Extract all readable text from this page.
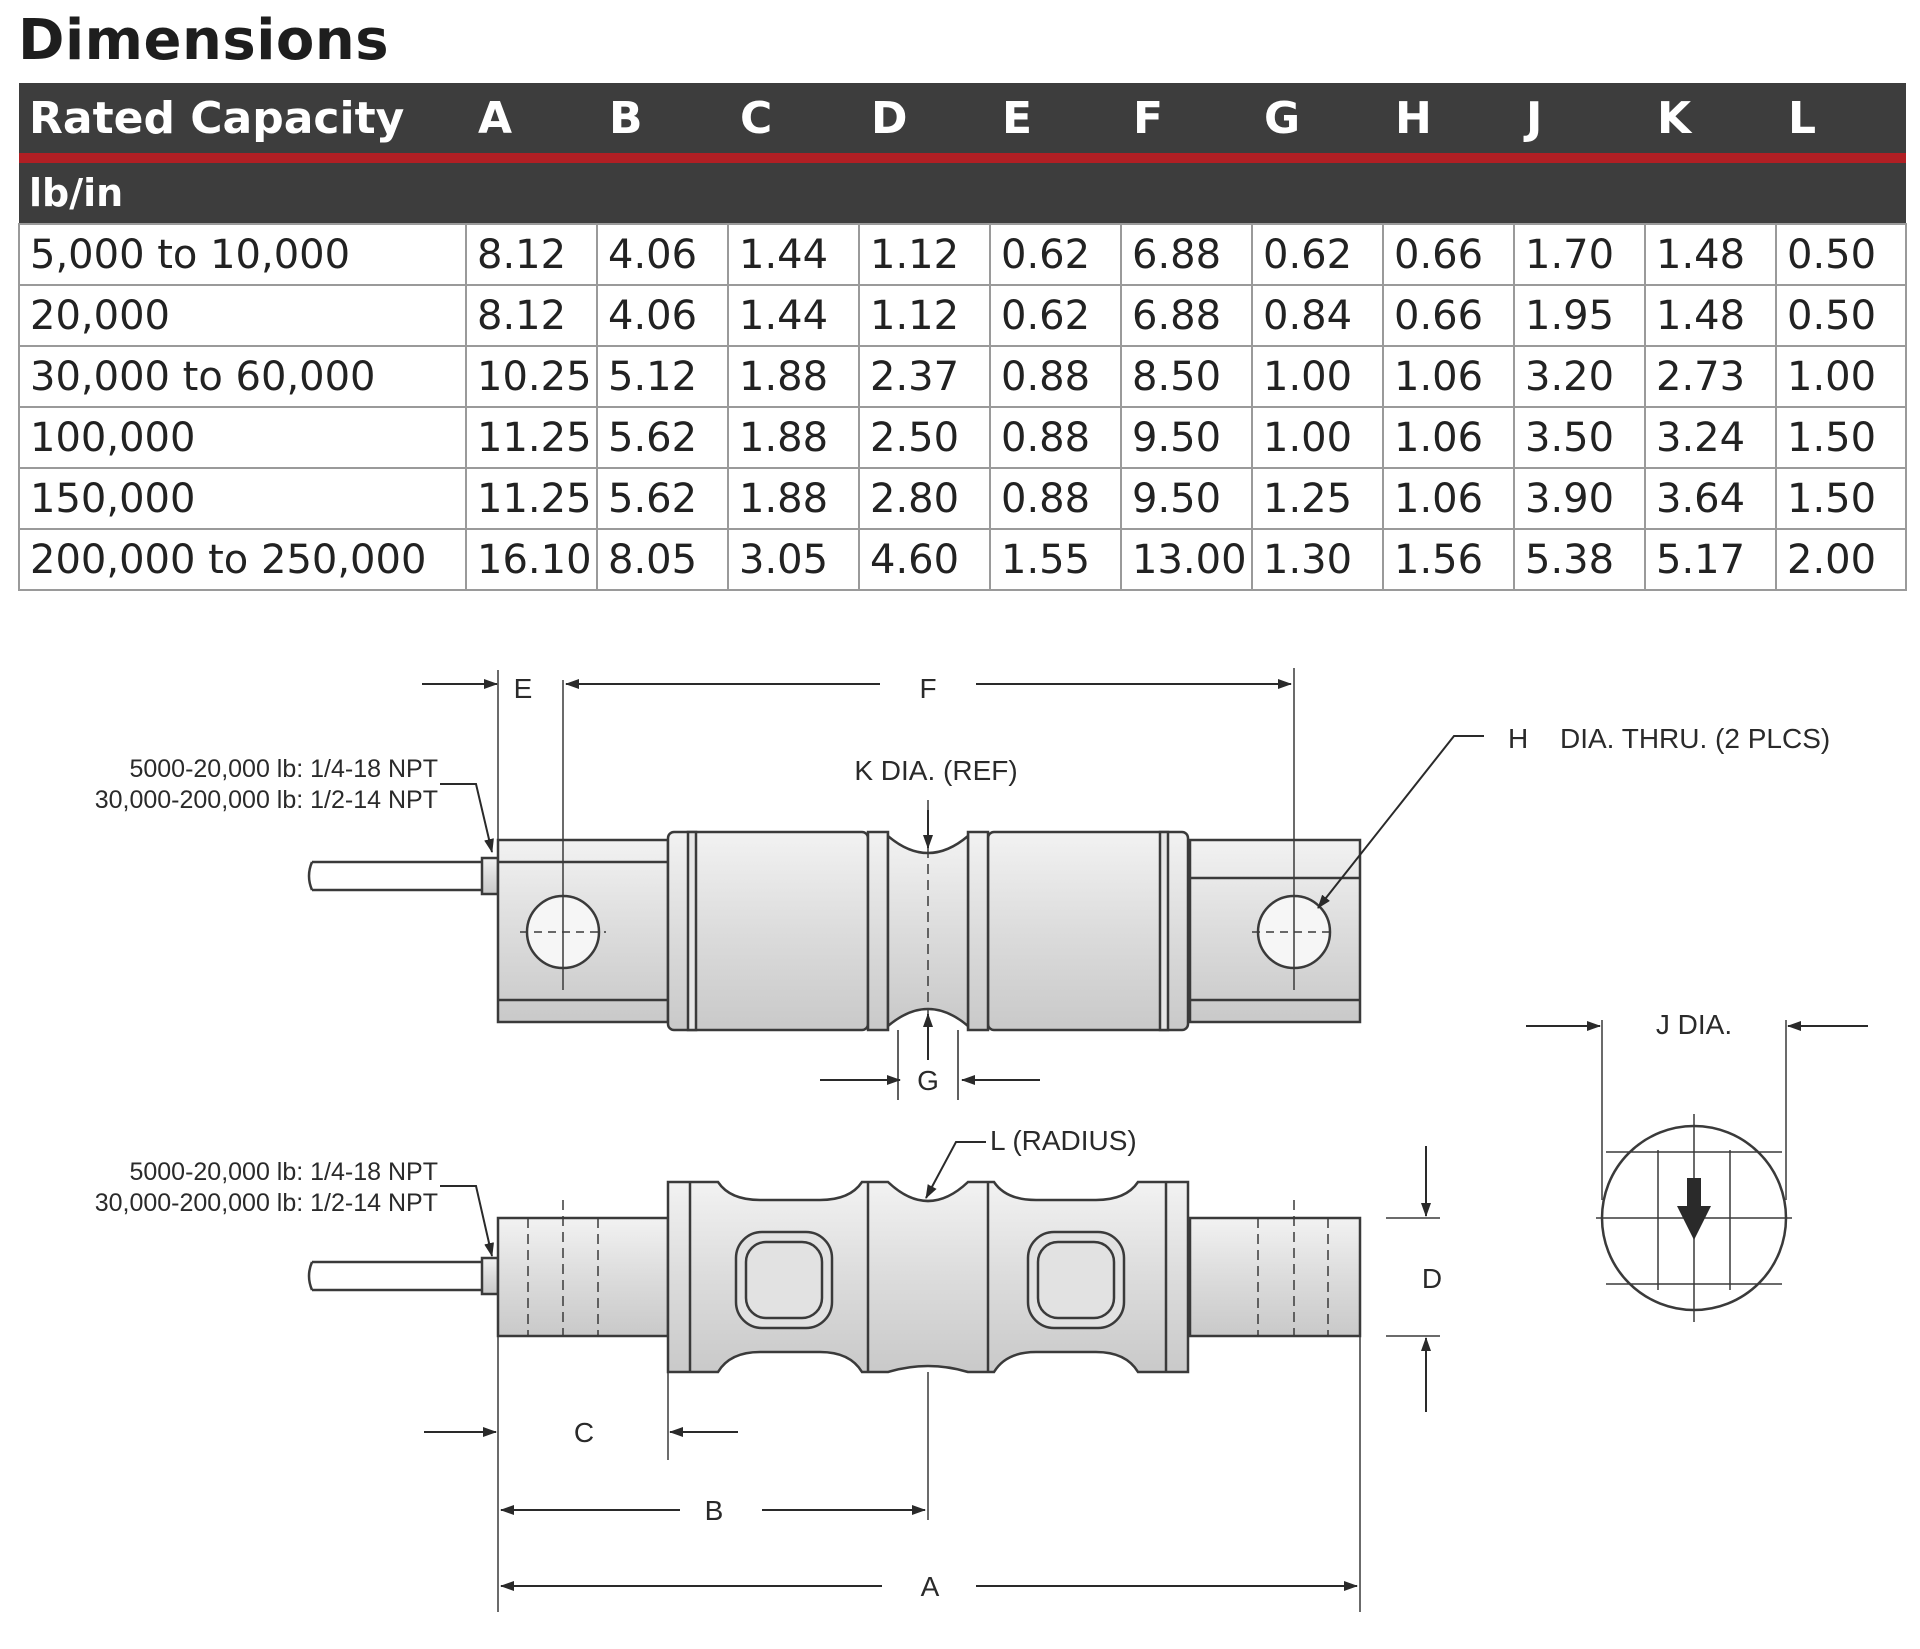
Dimensions
Rated Capacity	A	B	C	D	E	F	G	H	J	K	L
lb/in											
5,000 to 10,000	8.12	4.06	1.44	1.12	0.62	6.88	0.62	0.66	1.70	1.48	0.50
20,000	8.12	4.06	1.44	1.12	0.62	6.88	0.84	0.66	1.95	1.48	0.50
30,000 to 60,000	10.25	5.12	1.88	2.37	0.88	8.50	1.00	1.06	3.20	2.73	1.00
100,000	11.25	5.62	1.88	2.50	0.88	9.50	1.00	1.06	3.50	3.24	1.50
150,000	11.25	5.62	1.88	2.80	0.88	9.50	1.25	1.06	3.90	3.64	1.50
200,000 to 250,000	16.10	8.05	3.05	4.60	1.55	13.00	1.30	1.56	5.38	5.17	2.00
E	F
K DIA. (REF)
H DIA. THRU. (2 PLCS)
5000-20,000 lb: 1/4-18 NPT
30,000-200,000 lb: 1/2-14 NPT
G
J DIA.
L (RADIUS)
5000-20,000 lb: 1/4-18 NPT
30,000-200,000 lb: 1/2-14 NPT
D
C
B
A
